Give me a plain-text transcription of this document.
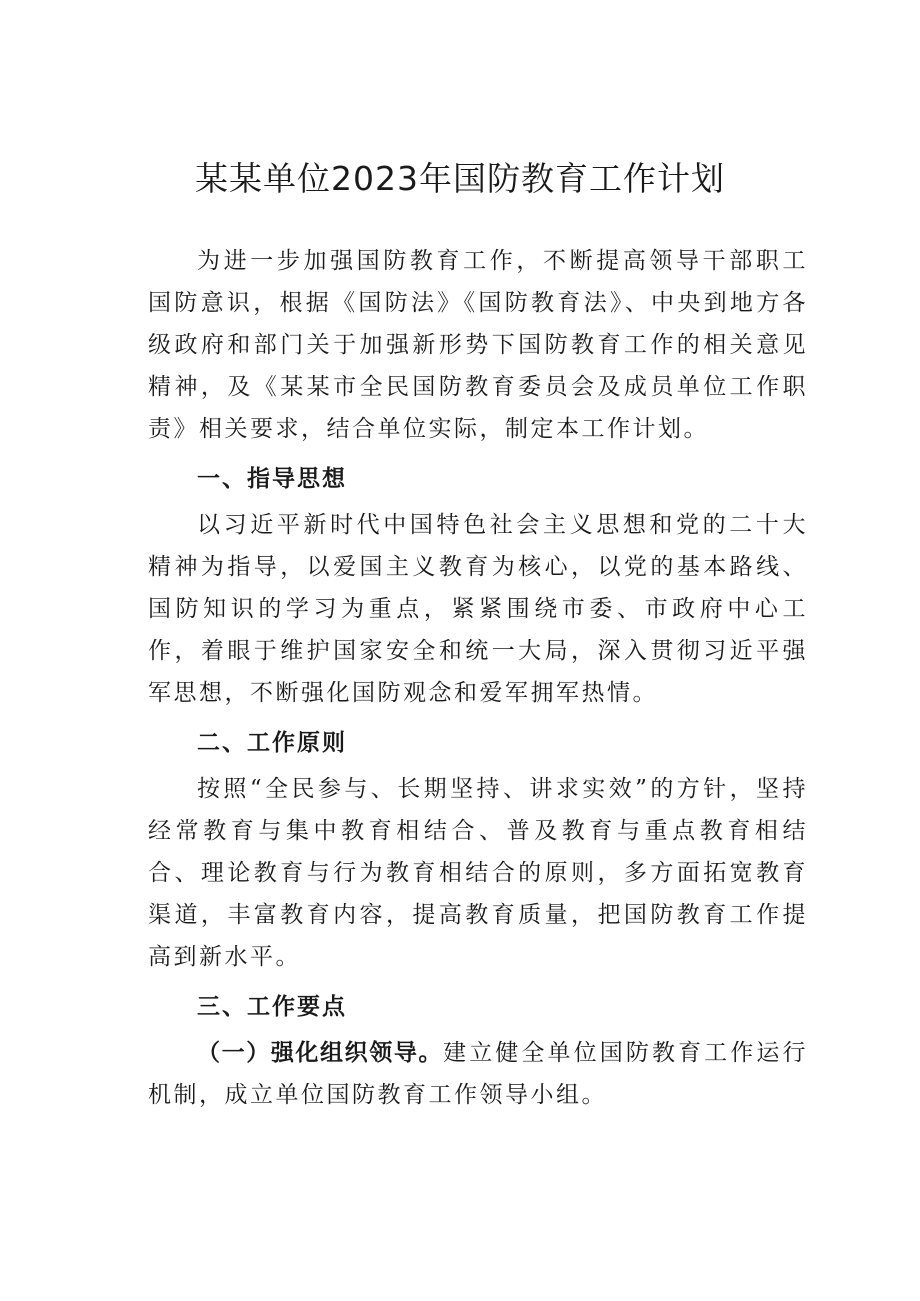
某某单位2023年国防教育工作计划

为进一步加强国防教育工作，不断提高领导干部职工国防意识，根据《国防法》《国防教育法》、中央到地方各级政府和部门关于加强新形势下国防教育工作的相关意见精神，及《某某市全民国防教育委员会及成员单位工作职责》相关要求，结合单位实际，制定本工作计划。

一、指导思想

以习近平新时代中国特色社会主义思想和党的二十大精神为指导，以爱国主义教育为核心，以党的基本路线、国防知识的学习为重点，紧紧围绕市委、市政府中心工作，着眼于维护国家安全和统一大局，深入贯彻习近平强军思想，不断强化国防观念和爱军拥军热情。

二、工作原则

按照“全民参与、长期坚持、讲求实效”的方针，坚持经常教育与集中教育相结合、普及教育与重点教育相结合、理论教育与行为教育相结合的原则，多方面拓宽教育渠道，丰富教育内容，提高教育质量，把国防教育工作提高到新水平。

三、工作要点

（一）强化组织领导。建立健全单位国防教育工作运行机制，成立单位国防教育工作领导小组。
